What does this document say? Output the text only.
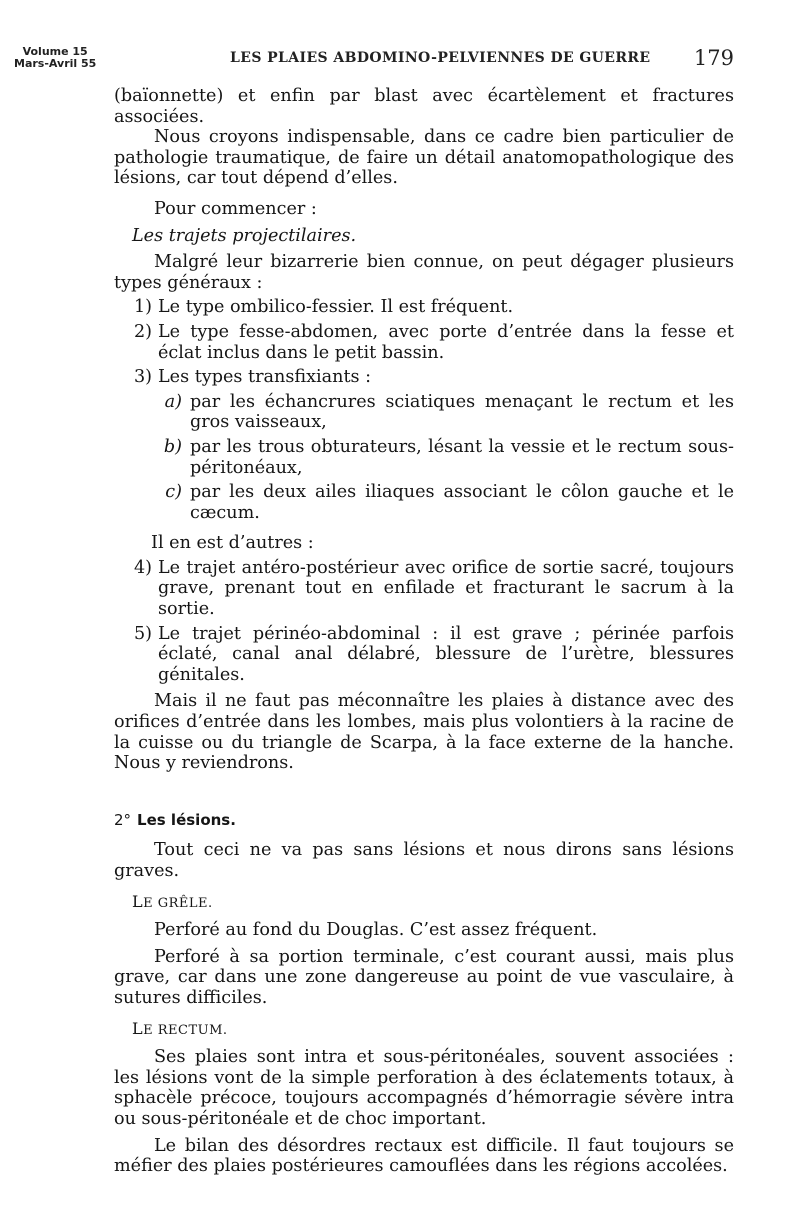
Volume 15
Mars-Avril 55	LES PLAIES ABDOMINO-PELVIENNES DE GUERRE 179

(baïonnette) et enfin par blast avec écartèlement et fractures associées.

Nous croyons indispensable, dans ce cadre bien particulier de pathologie traumatique, de faire un détail anatomopathologique des lésions, car tout dépend d’elles.

Pour commencer :

Les trajets projectilaires.

Malgré leur bizarrerie bien connue, on peut dégager plusieurs types généraux :

1) Le type ombilico-fessier. Il est fréquent.
2) Le type fesse-abdomen, avec porte d’entrée dans la fesse et éclat inclus dans le petit bassin.
3) Les types transfixiants :
a) par les échancrures sciatiques menaçant le rectum et les gros vaisseaux,
b) par les trous obturateurs, lésant la vessie et le rectum sous-péritonéaux,
c) par les deux ailes iliaques associant le côlon gauche et le cæcum.

Il en est d’autres :

4) Le trajet antéro-postérieur avec orifice de sortie sacré, toujours grave, prenant tout en enfilade et fracturant le sacrum à la sortie.
5) Le trajet périnéo-abdominal : il est grave ; périnée parfois éclaté, canal anal délabré, blessure de l’urètre, blessures génitales.

Mais il ne faut pas méconnaître les plaies à distance avec des orifices d’entrée dans les lombes, mais plus volontiers à la racine de la cuisse ou du triangle de Scarpa, à la face externe de la hanche. Nous y reviendrons.

2° Les lésions.

Tout ceci ne va pas sans lésions et nous dirons sans lésions graves.

LE GRÊLE.

Perforé au fond du Douglas. C’est assez fréquent.

Perforé à sa portion terminale, c’est courant aussi, mais plus grave, car dans une zone dangereuse au point de vue vasculaire, à sutures difficiles.

LE RECTUM.

Ses plaies sont intra et sous-péritonéales, souvent associées : les lésions vont de la simple perforation à des éclatements totaux, à sphacèle précoce, toujours accompagnés d’hémorragie sévère intra ou sous-péritonéale et de choc important.

Le bilan des désordres rectaux est difficile. Il faut toujours se méfier des plaies postérieures camouflées dans les régions accolées.
